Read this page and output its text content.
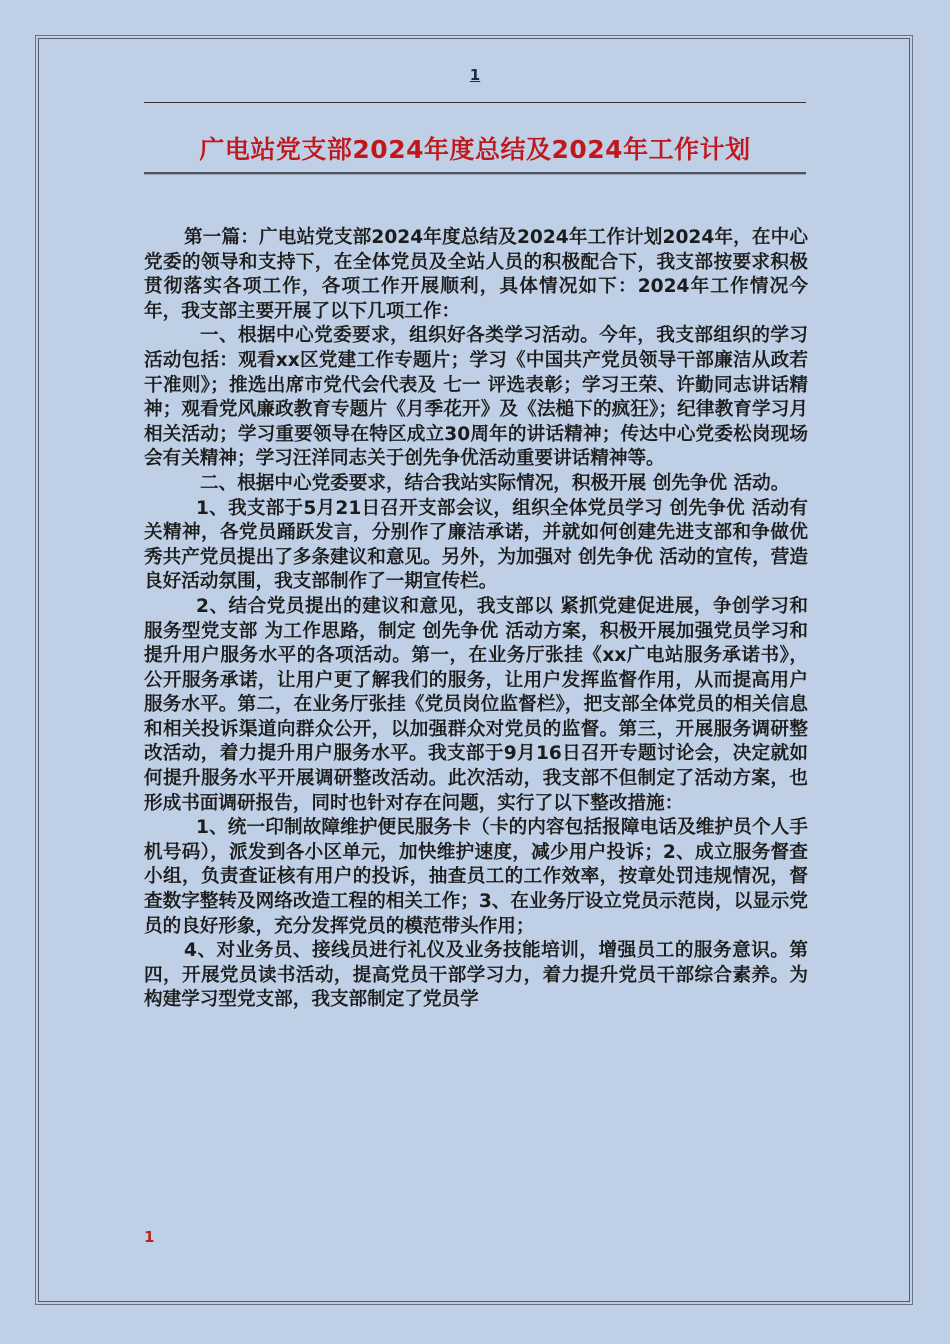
1
广电站党支部2024年度总结及2024年工作计划

第一篇：广电站党支部2024年度总结及2024年工作计划2024年，在中心党委的领导和支持下，在全体党员及全站人员的积极配合下，我支部按要求积极贯彻落实各项工作，各项工作开展顺利，具体情况如下：2024年工作情况今年，我支部主要开展了以下几项工作：

一、根据中心党委要求，组织好各类学习活动。今年，我支部组织的学习活动包括：观看xx区党建工作专题片；学习《中国共产党员领导干部廉洁从政若干准则》；推选出席市党代会代表及 七一 评选表彰；学习王荣、许勤同志讲话精神；观看党风廉政教育专题片《月季花开》及《法槌下的疯狂》；纪律教育学习月相关活动；学习重要领导在特区成立30周年的讲话精神；传达中心党委松岗现场会有关精神；学习汪洋同志关于创先争优活动重要讲话精神等。

二、根据中心党委要求，结合我站实际情况，积极开展 创先争优 活动。

1、我支部于5月21日召开支部会议，组织全体党员学习 创先争优 活动有关精神，各党员踊跃发言，分别作了廉洁承诺，并就如何创建先进支部和争做优秀共产党员提出了多条建议和意见。另外，为加强对 创先争优 活动的宣传，营造良好活动氛围，我支部制作了一期宣传栏。

2、结合党员提出的建议和意见，我支部以 紧抓党建促进展，争创学习和服务型党支部 为工作思路，制定 创先争优 活动方案，积极开展加强党员学习和 提升用户服务水平的各项活动。第一，在业务厅张挂《xx广电站服务承诺书》，公开服务承诺，让用户更了解我们的服务，让用户发挥监督作用，从而提高用户服务水平。第二，在业务厅张挂《党员岗位监督栏》，把支部全体党员的相关信息和相关投诉渠道向群众公开，以加强群众对党员的监督。第三，开展服务调研整改活动，着力提升用户服务水平。我支部于9月16日召开专题讨论会，决定就如何提升服务水平开展调研整改活动。此次活动，我支部不但制定了活动方案，也形成书面调研报告，同时也针对存在问题，实行了以下整改措施：

1、统一印制故障维护便民服务卡（卡的内容包括报障电话及维护员个人手机号码），派发到各小区单元，加快维护速度，减少用户投诉；2、成立服务督查小组，负责查证核有用户的投诉，抽查员工的工作效率，按章处罚违规情况，督查数字整转及网络改造工程的相关工作；3、在业务厅设立党员示范岗，以显示党员的良好形象，充分发挥党员的模范带头作用；

4、对业务员、接线员进行礼仪及业务技能培训，增强员工的服务意识。第四，开展党员读书活动，提高党员干部学习力，着力提升党员干部综合素养。为构建学习型党支部，我支部制定了党员学

1
